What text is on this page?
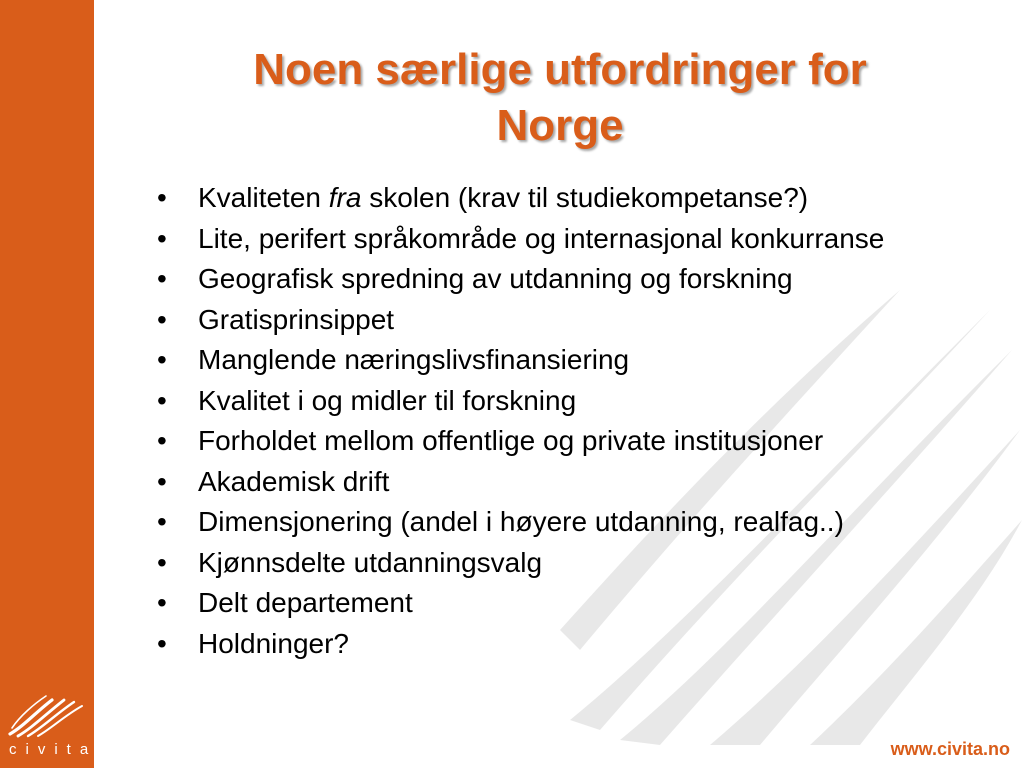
civita
Noen særlige utfordringer for
Norge
• Kvaliteten fra skolen (krav til studiekompetanse?)
• Lite, perifert språkområde og internasjonal konkurranse
• Geografisk spredning av utdanning og forskning
• Gratisprinsippet
• Manglende næringslivsfinansiering
• Kvalitet i og midler til forskning
• Forholdet mellom offentlige og private institusjoner
• Akademisk drift
• Dimensjonering (andel i høyere utdanning, realfag..)
• Kjønnsdelte utdanningsvalg
• Delt departement
• Holdninger?
www.civita.no
